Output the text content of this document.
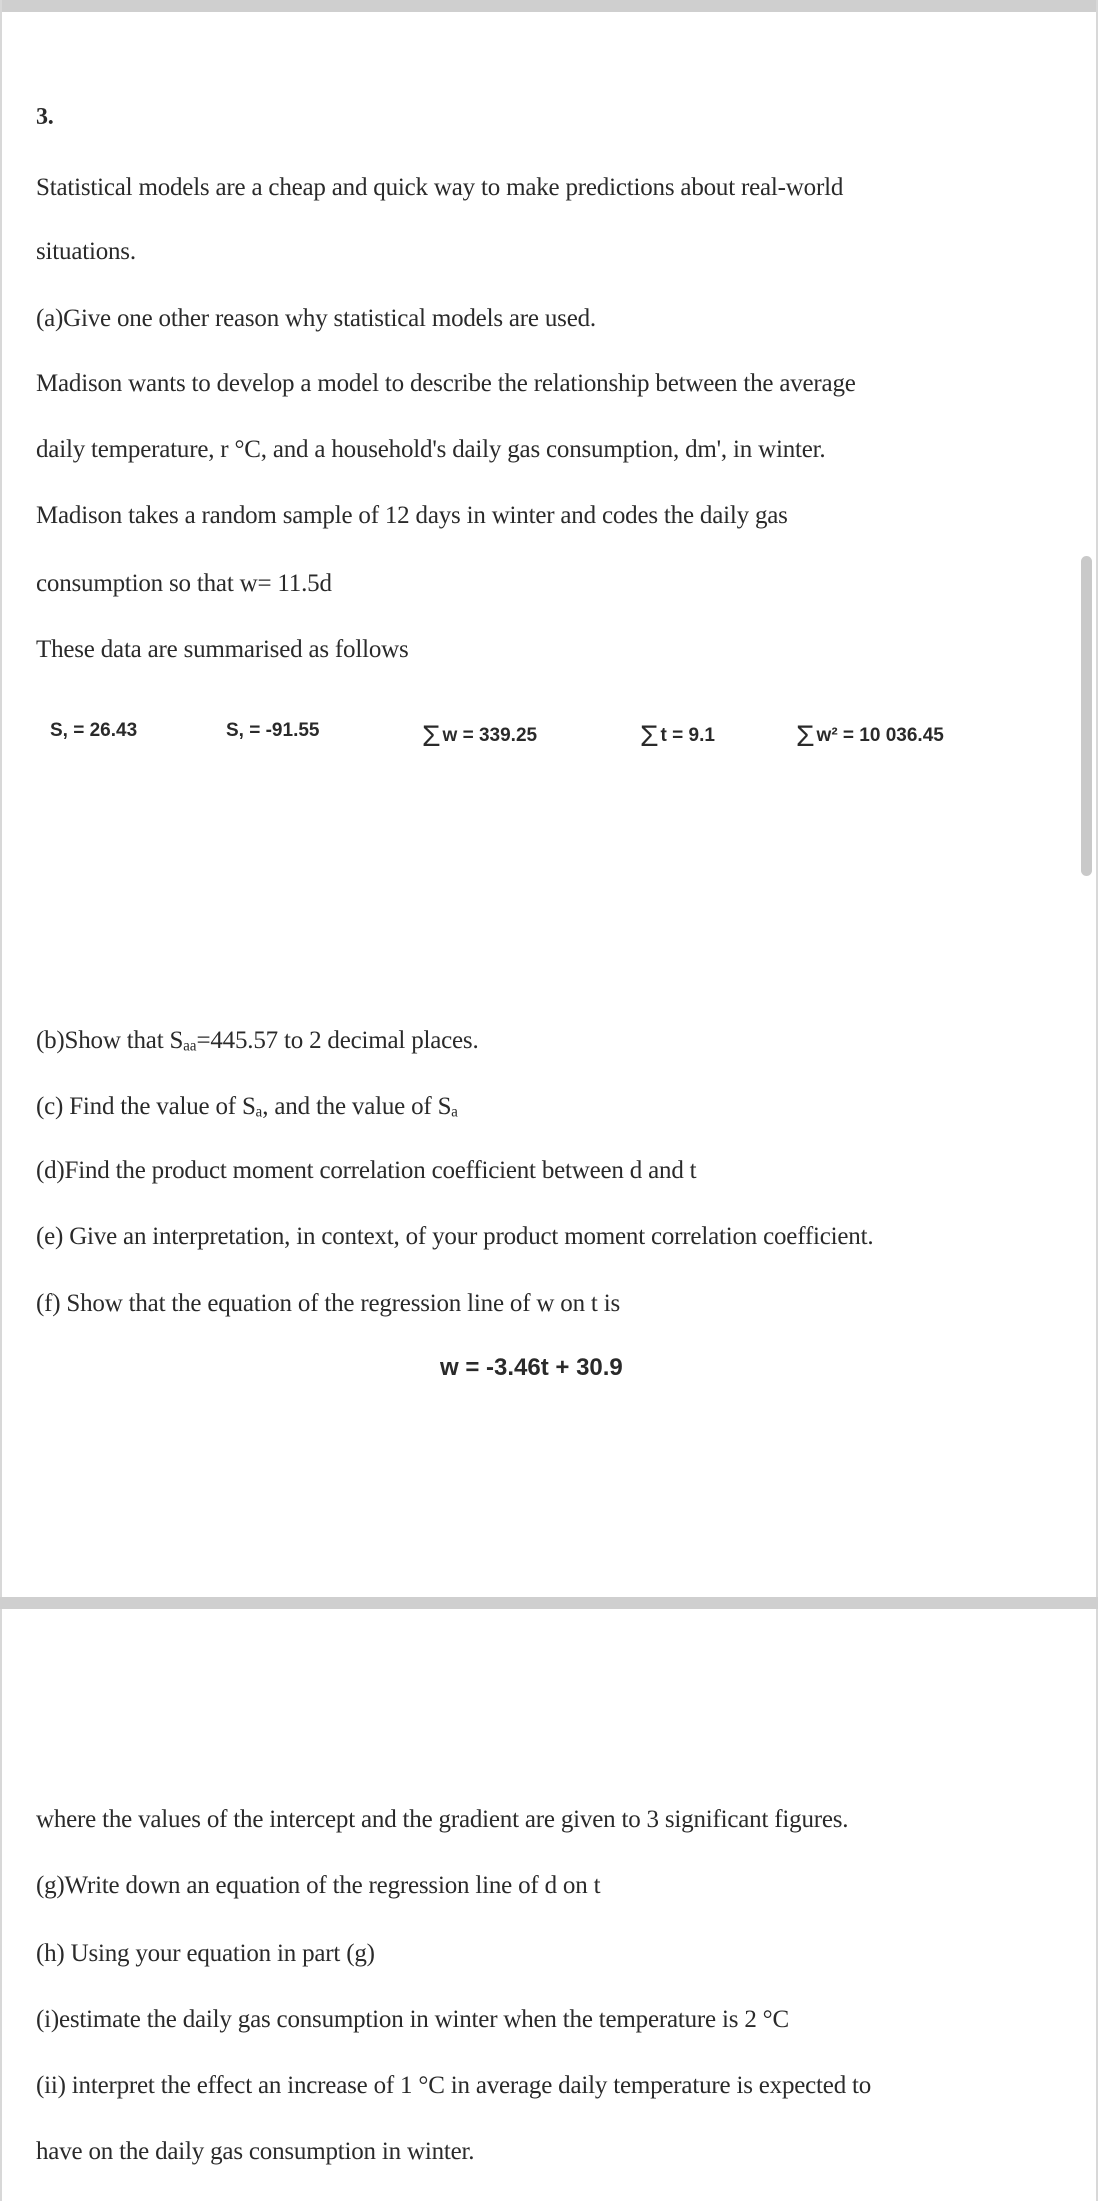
3.
Statistical models are a cheap and quick way to make predictions about real-world
situations.
(a)Give one other reason why statistical models are used.
Madison wants to develop a model to describe the relationship between the average
daily temperature, r °C, and a household's daily gas consumption, dm', in winter.
Madison takes a random sample of 12 days in winter and codes the daily gas
consumption so that w= 11.5d
These data are summarised as follows
S, = 26.43	S, = -91.55	Σw = 339.25	Σt = 9.1	Σw² = 10 036.45
(b)Show that Sₐₐ=445.57 to 2 decimal places.
(c) Find the value of Sₐ, and the value of Sₐ
(d)Find the product moment correlation coefficient between d and t
(e) Give an interpretation, in context, of your product moment correlation coefficient.
(f) Show that the equation of the regression line of w on t is
w = -3.46t + 30.9
where the values of the intercept and the gradient are given to 3 significant figures.
(g)Write down an equation of the regression line of d on t
(h) Using your equation in part (g)
(i)estimate the daily gas consumption in winter when the temperature is 2 °C
(ii) interpret the effect an increase of 1 °C in average daily temperature is expected to
have on the daily gas consumption in winter.
